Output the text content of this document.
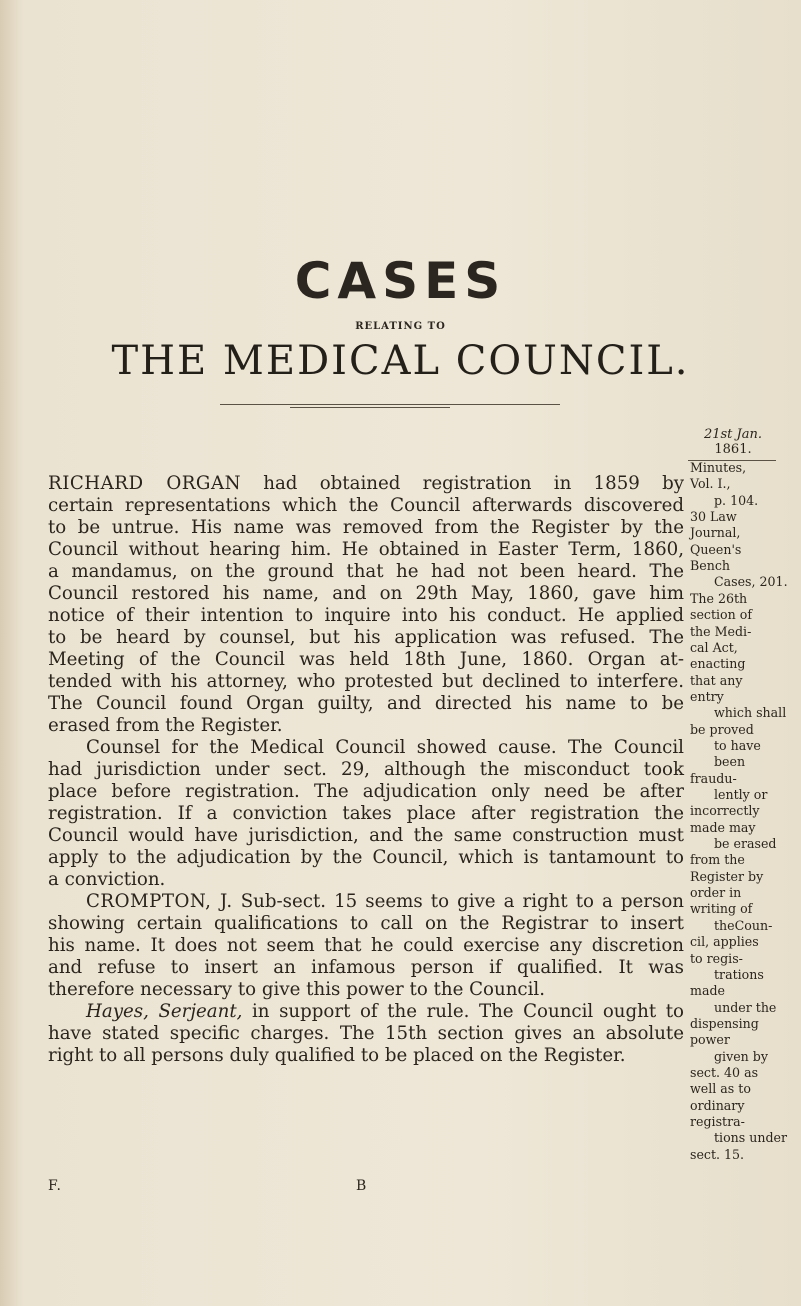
CASES
RELATING TO
THE MEDICAL COUNCIL.
21st Jan.
1861.
RICHARD ORGAN had obtained registration in 1859 by
certain representations which the Council afterwards discovered
to be untrue. His name was removed from the Register by the
Council without hearing him. He obtained in Easter Term, 1860,
a mandamus, on the ground that he had not been heard. The
Council restored his name, and on 29th May, 1860, gave him
notice of their intention to inquire into his conduct. He applied
to be heard by counsel, but his application was refused. The
Meeting of the Council was held 18th June, 1860. Organ at-
tended with his attorney, who protested but declined to interfere.
The Council found Organ guilty, and directed his name to be
erased from the Register.
Counsel for the Medical Council showed cause. The Council
had jurisdiction under sect. 29, although the misconduct took
place before registration. The adjudication only need be after
registration. If a conviction takes place after registration the
Council would have jurisdiction, and the same construction must
apply to the adjudication by the Council, which is tantamount to
a conviction.
CROMPTON, J. Sub-sect. 15 seems to give a right to a person
showing certain qualifications to call on the Registrar to insert
his name. It does not seem that he could exercise any discretion
and refuse to insert an infamous person if qualified. It was
therefore necessary to give this power to the Council.
Hayes, Serjeant, in support of the rule. The Council ought to
have stated specific charges. The 15th section gives an absolute
right to all persons duly qualified to be placed on the Register.
Minutes,
Vol. I.,
p. 104.
30 Law
Journal,
Queen's
Bench
Cases, 201.
The 26th
section of
the Medi-
cal Act,
enacting
that any
entry
which shall
be proved
to have
been
fraudu-
lently or
incorrectly
made may
be erased
from the
Register by
order in
writing of
theCoun-
cil, applies
to regis-
trations
made
under the
dispensing
power
given by
sect. 40 as
well as to
ordinary
registra-
tions under
sect. 15.
F.	B
